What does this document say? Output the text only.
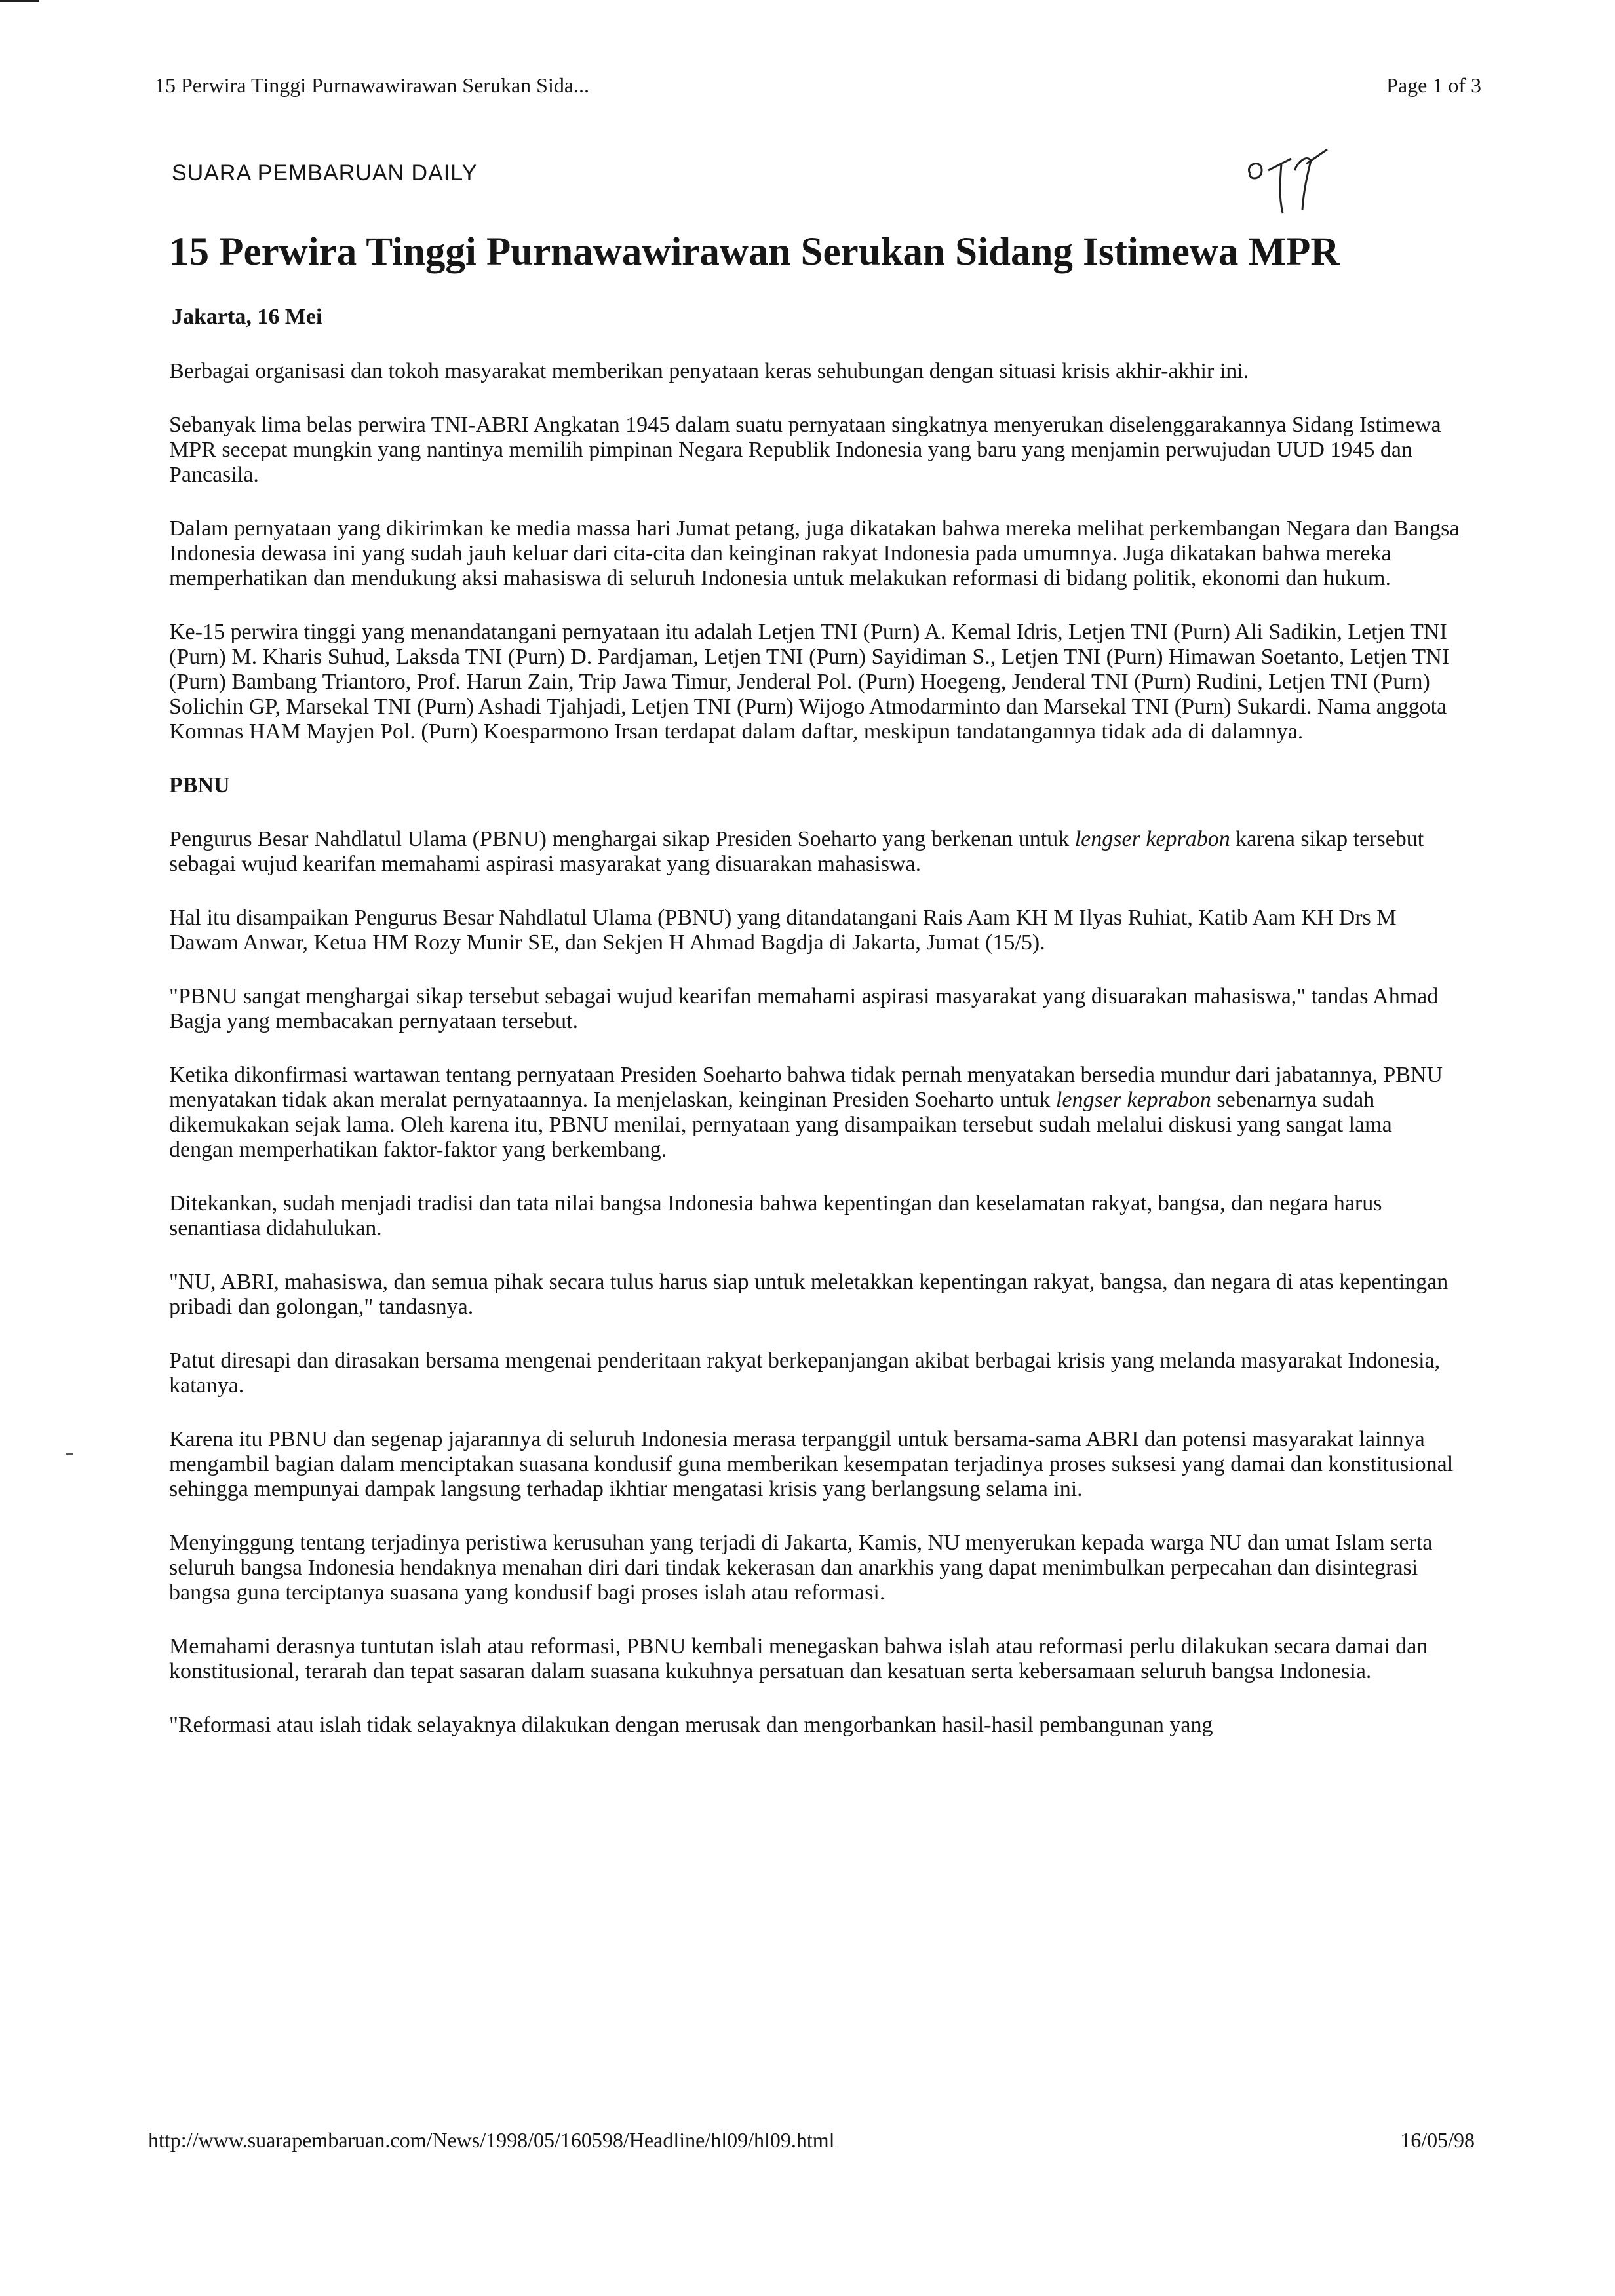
15 Perwira Tinggi Purnawawirawan Serukan Sida...	Page 1 of 3
SUARA PEMBARUAN DAILY
15 Perwira Tinggi Purnawawirawan Serukan Sidang Istimewa MPR
Jakarta, 16 Mei

Berbagai organisasi dan tokoh masyarakat memberikan penyataan keras sehubungan dengan situasi krisis akhir-akhir ini.

Sebanyak lima belas perwira TNI-ABRI Angkatan 1945 dalam suatu pernyataan singkatnya menyerukan diselenggarakannya Sidang Istimewa MPR secepat mungkin yang nantinya memilih pimpinan Negara Republik Indonesia yang baru yang menjamin perwujudan UUD 1945 dan Pancasila.

Dalam pernyataan yang dikirimkan ke media massa hari Jumat petang, juga dikatakan bahwa mereka melihat perkembangan Negara dan Bangsa Indonesia dewasa ini yang sudah jauh keluar dari cita-cita dan keinginan rakyat Indonesia pada umumnya. Juga dikatakan bahwa mereka memperhatikan dan mendukung aksi mahasiswa di seluruh Indonesia untuk melakukan reformasi di bidang politik, ekonomi dan hukum.

Ke-15 perwira tinggi yang menandatangani pernyataan itu adalah Letjen TNI (Purn) A. Kemal Idris, Letjen TNI (Purn) Ali Sadikin, Letjen TNI (Purn) M. Kharis Suhud, Laksda TNI (Purn) D. Pardjaman, Letjen TNI (Purn) Sayidiman S., Letjen TNI (Purn) Himawan Soetanto, Letjen TNI (Purn) Bambang Triantoro, Prof. Harun Zain, Trip Jawa Timur, Jenderal Pol. (Purn) Hoegeng, Jenderal TNI (Purn) Rudini, Letjen TNI (Purn) Solichin GP, Marsekal TNI (Purn) Ashadi Tjahjadi, Letjen TNI (Purn) Wijogo Atmodarminto dan Marsekal TNI (Purn) Sukardi. Nama anggota Komnas HAM Mayjen Pol. (Purn) Koesparmono Irsan terdapat dalam daftar, meskipun tandatangannya tidak ada di dalamnya.

PBNU

Pengurus Besar Nahdlatul Ulama (PBNU) menghargai sikap Presiden Soeharto yang berkenan untuk lengser keprabon karena sikap tersebut sebagai wujud kearifan memahami aspirasi masyarakat yang disuarakan mahasiswa.

Hal itu disampaikan Pengurus Besar Nahdlatul Ulama (PBNU) yang ditandatangani Rais Aam KH M Ilyas Ruhiat, Katib Aam KH Drs M Dawam Anwar, Ketua HM Rozy Munir SE, dan Sekjen H Ahmad Bagdja di Jakarta, Jumat (15/5).

"PBNU sangat menghargai sikap tersebut sebagai wujud kearifan memahami aspirasi masyarakat yang disuarakan mahasiswa," tandas Ahmad Bagja yang membacakan pernyataan tersebut.

Ketika dikonfirmasi wartawan tentang pernyataan Presiden Soeharto bahwa tidak pernah menyatakan bersedia mundur dari jabatannya, PBNU menyatakan tidak akan meralat pernyataannya. Ia menjelaskan, keinginan Presiden Soeharto untuk lengser keprabon sebenarnya sudah dikemukakan sejak lama. Oleh karena itu, PBNU menilai, pernyataan yang disampaikan tersebut sudah melalui diskusi yang sangat lama dengan memperhatikan faktor-faktor yang berkembang.

Ditekankan, sudah menjadi tradisi dan tata nilai bangsa Indonesia bahwa kepentingan dan keselamatan rakyat, bangsa, dan negara harus senantiasa didahulukan.

"NU, ABRI, mahasiswa, dan semua pihak secara tulus harus siap untuk meletakkan kepentingan rakyat, bangsa, dan negara di atas kepentingan pribadi dan golongan," tandasnya.

Patut diresapi dan dirasakan bersama mengenai penderitaan rakyat berkepanjangan akibat berbagai krisis yang melanda masyarakat Indonesia, katanya.

Karena itu PBNU dan segenap jajarannya di seluruh Indonesia merasa terpanggil untuk bersama-sama ABRI dan potensi masyarakat lainnya mengambil bagian dalam menciptakan suasana kondusif guna memberikan kesempatan terjadinya proses suksesi yang damai dan konstitusional sehingga mempunyai dampak langsung terhadap ikhtiar mengatasi krisis yang berlangsung selama ini.

Menyinggung tentang terjadinya peristiwa kerusuhan yang terjadi di Jakarta, Kamis, NU menyerukan kepada warga NU dan umat Islam serta seluruh bangsa Indonesia hendaknya menahan diri dari tindak kekerasan dan anarkhis yang dapat menimbulkan perpecahan dan disintegrasi bangsa guna terciptanya suasana yang kondusif bagi proses islah atau reformasi.

Memahami derasnya tuntutan islah atau reformasi, PBNU kembali menegaskan bahwa islah atau reformasi perlu dilakukan secara damai dan konstitusional, terarah dan tepat sasaran dalam suasana kukuhnya persatuan dan kesatuan serta kebersamaan seluruh bangsa Indonesia.

"Reformasi atau islah tidak selayaknya dilakukan dengan merusak dan mengorbankan hasil-hasil pembangunan yang

http://www.suarapembaruan.com/News/1998/05/160598/Headline/hl09/hl09.html	16/05/98
